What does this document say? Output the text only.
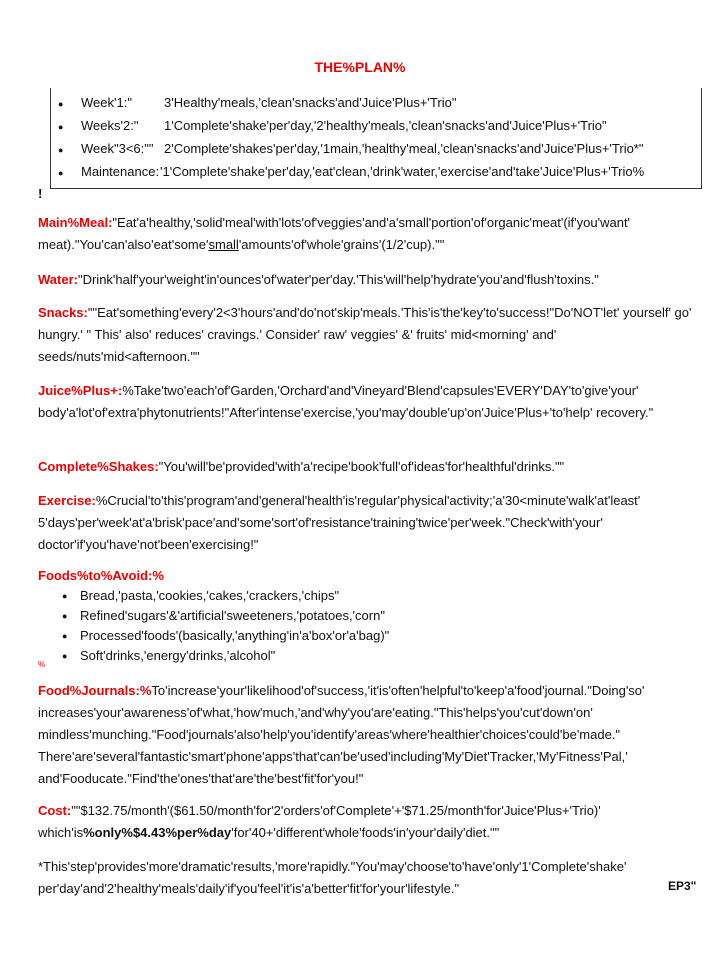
THE%PLAN%
●
Week'1:" 3'Healthy'meals,'clean'snacks'and'Juice'Plus+'Trio"
●
Weeks'2:" 1'Complete'shake'per'day,'2'healthy'meals,'clean'snacks'and'Juice'Plus+'Trio"
●
Week"3<6:"" 2'Complete'shakes'per'day,'1main,'healthy'meal,'clean'snacks'and'Juice'Plus+'Trio*"
●
Maintenance: '1'Complete'shake'per'day,'eat'clean,'drink'water,'exercise'and'take'Juice'Plus+'Trio%
!
Main%Meal:"Eat'a'healthy,'solid'meal'with'lots'of'veggies'and'a'small'portion'of'organic'meat'(if'you'want' meat)."You'can'also'eat'some'small'amounts'of'whole'grains'(1/2'cup).""
Water:"Drink'half'your'weight'in'ounces'of'water'per'day.'This'will'help'hydrate'you'and'flush'toxins."
Snacks:""Eat'something'every'2<3'hours'and'do'not'skip'meals.'This'is'the'key'to'success!"Do'NOT'let' yourself' go' hungry.' " This' also' reduces' cravings.' Consider' raw' veggies' &' fruits' mid<morning' and' seeds/nuts'mid<afternoon.""
Juice%Plus+:%Take'two'each'of'Garden,'Orchard'and'Vineyard'Blend'capsules'EVERY'DAY'to'give'your' body'a'lot'of'extra'phytonutrients!"After'intense'exercise,'you'may'double'up'on'Juice'Plus+'to'help' recovery."
Complete%Shakes:"You'will'be'provided'with'a'recipe'book'full'of'ideas'for'healthful'drinks.""
Exercise:%Crucial'to'this'program'and'general'health'is'regular'physical'activity;'a'30<minute'walk'at'least' 5'days'per'week'at'a'brisk'pace'and'some'sort'of'resistance'training'twice'per'week."Check'with'your' doctor'if'you'have'not'been'exercising!"
Foods%to%Avoid:%
● Bread,'pasta,'cookies,'cakes,'crackers,'chips"
● Refined'sugars'&'artificial'sweeteners,'potatoes,'corn"
● Processed'foods'(basically,'anything'in'a'box'or'a'bag)"
● Soft'drinks,'energy'drinks,'alcohol"
%
Food%Journals:%To'increase'your'likelihood'of'success,'it'is'often'helpful'to'keep'a'food'journal."Doing'so' increases'your'awareness'of'what,'how'much,'and'why'you'are'eating."This'helps'you'cut'down'on' mindless'munching."Food'journals'also'help'you'identify'areas'where'healthier'choices'could'be'made." There'are'several'fantastic'smart'phone'apps'that'can'be'used'including'My'Diet'Tracker,'My'Fitness'Pal,' and'Fooducate."Find'the'ones'that'are'the'best'fit'for'you!"
Cost:""$132.75/month'($61.50/month'for'2'orders'of'Complete'+'$71.25/month'for'Juice'Plus+'Trio)' which'is%only%$4.43%per%day'for'40+'different'whole'foods'in'your'daily'diet.""
*This'step'provides'more'dramatic'results,'more'rapidly."You'may'choose'to'have'only'1'Complete'shake' per'day'and'2'healthy'meals'daily'if'you'feel'it'is'a'better'fit'for'your'lifestyle."	EP3"
